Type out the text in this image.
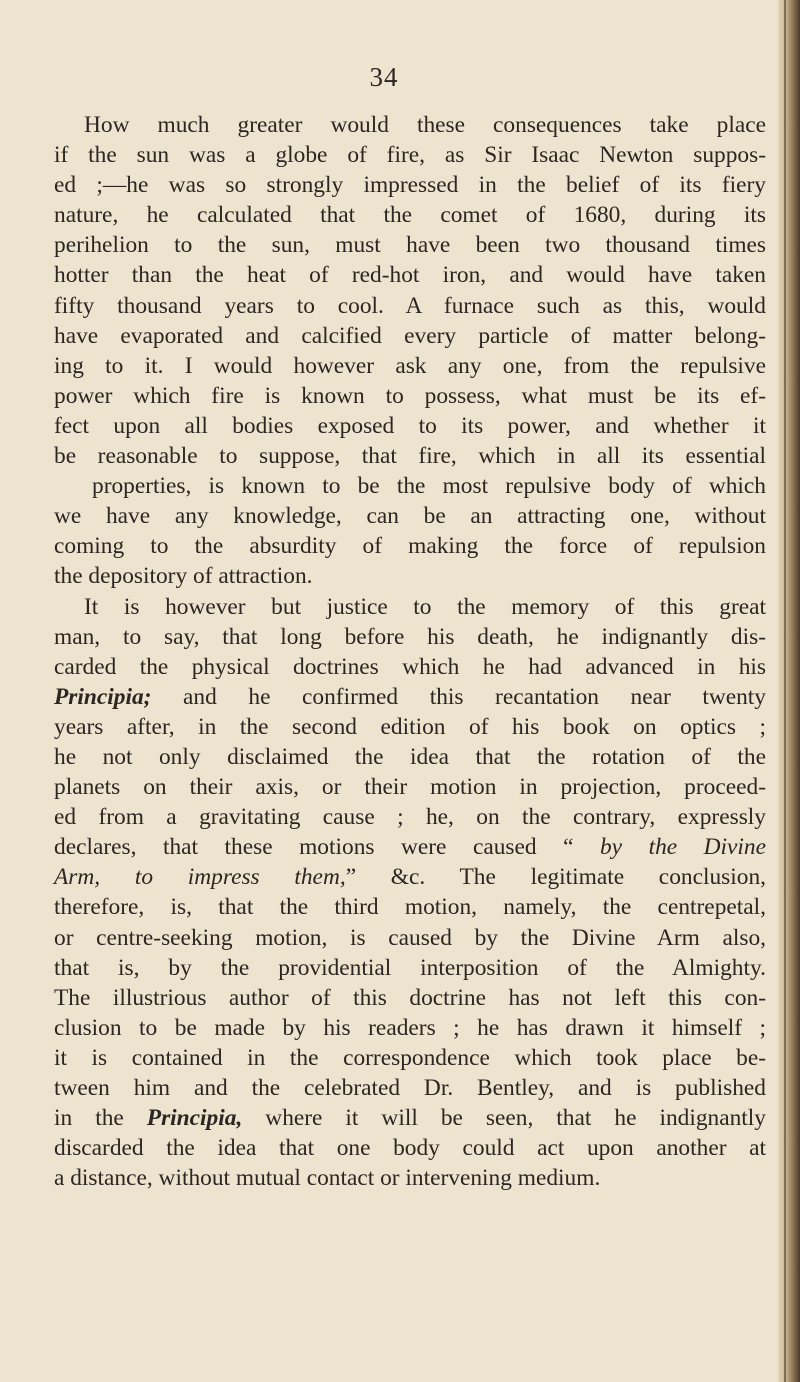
34
How much greater would these consequences take place
if the sun was a globe of fire, as Sir Isaac Newton suppos-
ed ;—he was so strongly impressed in the belief of its fiery
nature, he calculated that the comet of 1680, during its
perihelion to the sun, must have been two thousand times
hotter than the heat of red-hot iron, and would have taken
fifty thousand years to cool. A furnace such as this, would
have evaporated and calcified every particle of matter belong-
ing to it. I would however ask any one, from the repulsive
power which fire is known to possess, what must be its ef-
fect upon all bodies exposed to its power, and whether it
be reasonable to suppose, that fire, which in all its essential
properties, is known to be the most repulsive body of which
we have any knowledge, can be an attracting one, without
coming to the absurdity of making the force of repulsion
the depository of attraction.
It is however but justice to the memory of this great
man, to say, that long before his death, he indignantly dis-
carded the physical doctrines which he had advanced in his
Principia; and he confirmed this recantation near twenty
years after, in the second edition of his book on optics ;
he not only disclaimed the idea that the rotation of the
planets on their axis, or their motion in projection, proceed-
ed from a gravitating cause ; he, on the contrary, expressly
declares, that these motions were caused “ by the Divine
Arm, to impress them,” &c. The legitimate conclusion,
therefore, is, that the third motion, namely, the centrepetal,
or centre-seeking motion, is caused by the Divine Arm also,
that is, by the providential interposition of the Almighty.
The illustrious author of this doctrine has not left this con-
clusion to be made by his readers ; he has drawn it himself ;
it is contained in the correspondence which took place be-
tween him and the celebrated Dr. Bentley, and is published
in the Principia, where it will be seen, that he indignantly
discarded the idea that one body could act upon another at
a distance, without mutual contact or intervening medium.
